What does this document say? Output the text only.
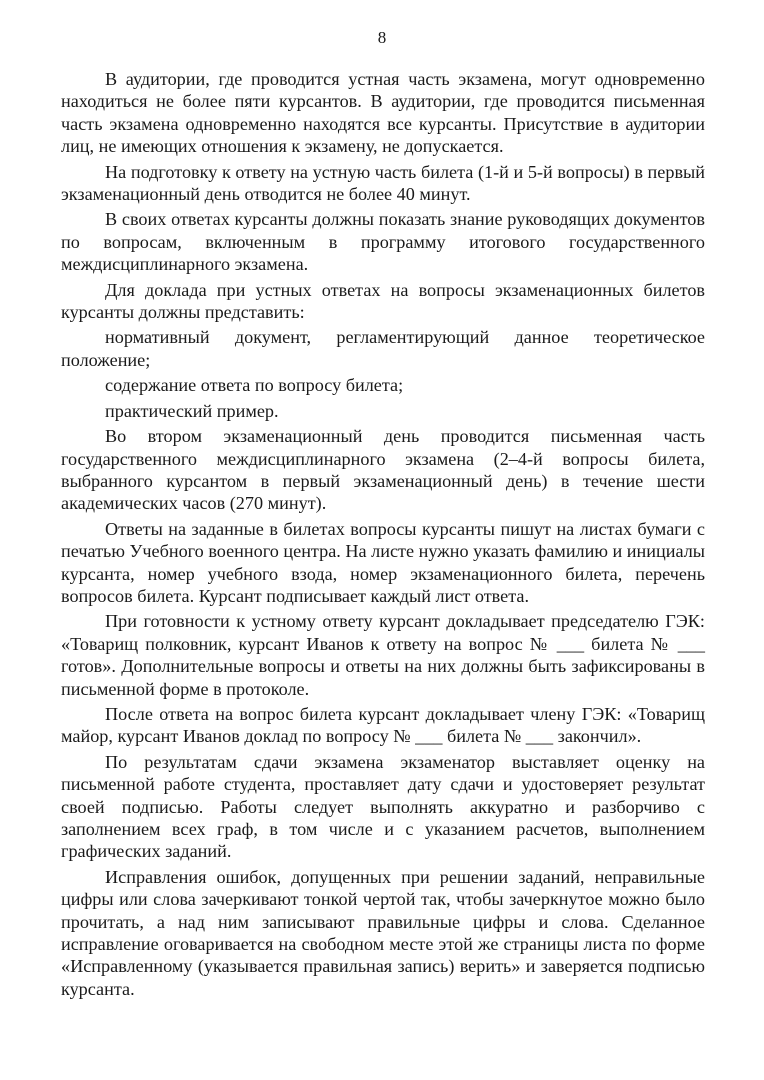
8

В аудитории, где проводится устная часть экзамена, могут одновременно находиться не более пяти курсантов. В аудитории, где проводится письменная часть экзамена одновременно находятся все курсанты. Присутствие в аудитории лиц, не имеющих отношения к экзамену, не допускается.

На подготовку к ответу на устную часть билета (1-й и 5-й вопросы) в первый экзаменационный день отводится не более 40 минут.

В своих ответах курсанты должны показать знание руководящих документов по вопросам, включенным в программу итогового государственного междисциплинарного экзамена.

Для доклада при устных ответах на вопросы экзаменационных билетов курсанты должны представить:

нормативный документ, регламентирующий данное теоретическое положение;

содержание ответа по вопросу билета;

практический пример.

Во втором экзаменационный день проводится письменная часть государственного междисциплинарного экзамена (2–4-й вопросы билета, выбранного курсантом в первый экзаменационный день) в течение шести академических часов (270 минут).

Ответы на заданные в билетах вопросы курсанты пишут на листах бумаги с печатью Учебного военного центра. На листе нужно указать фамилию и инициалы курсанта, номер учебного взода, номер экзаменационного билета, перечень вопросов билета. Курсант подписывает каждый лист ответа.

При готовности к устному ответу курсант докладывает председателю ГЭК: «Товарищ полковник, курсант Иванов к ответу на вопрос № ___ билета № ___ готов». Дополнительные вопросы и ответы на них должны быть зафиксированы в письменной форме в протоколе.

После ответа на вопрос билета курсант докладывает члену ГЭК: «Товарищ майор, курсант Иванов доклад по вопросу № ___ билета № ___ закончил».

По результатам сдачи экзамена экзаменатор выставляет оценку на письменной работе студента, проставляет дату сдачи и удостоверяет результат своей подписью. Работы следует выполнять аккуратно и разборчиво с заполнением всех граф, в том числе и с указанием расчетов, выполнением графических заданий.

Исправления ошибок, допущенных при решении заданий, неправильные цифры или слова зачеркивают тонкой чертой так, чтобы зачеркнутое можно было прочитать, а над ним записывают правильные цифры и слова. Сделанное исправление оговаривается на свободном месте этой же страницы листа по форме «Исправленному (указывается правильная запись) верить» и заверяется подписью курсанта.
